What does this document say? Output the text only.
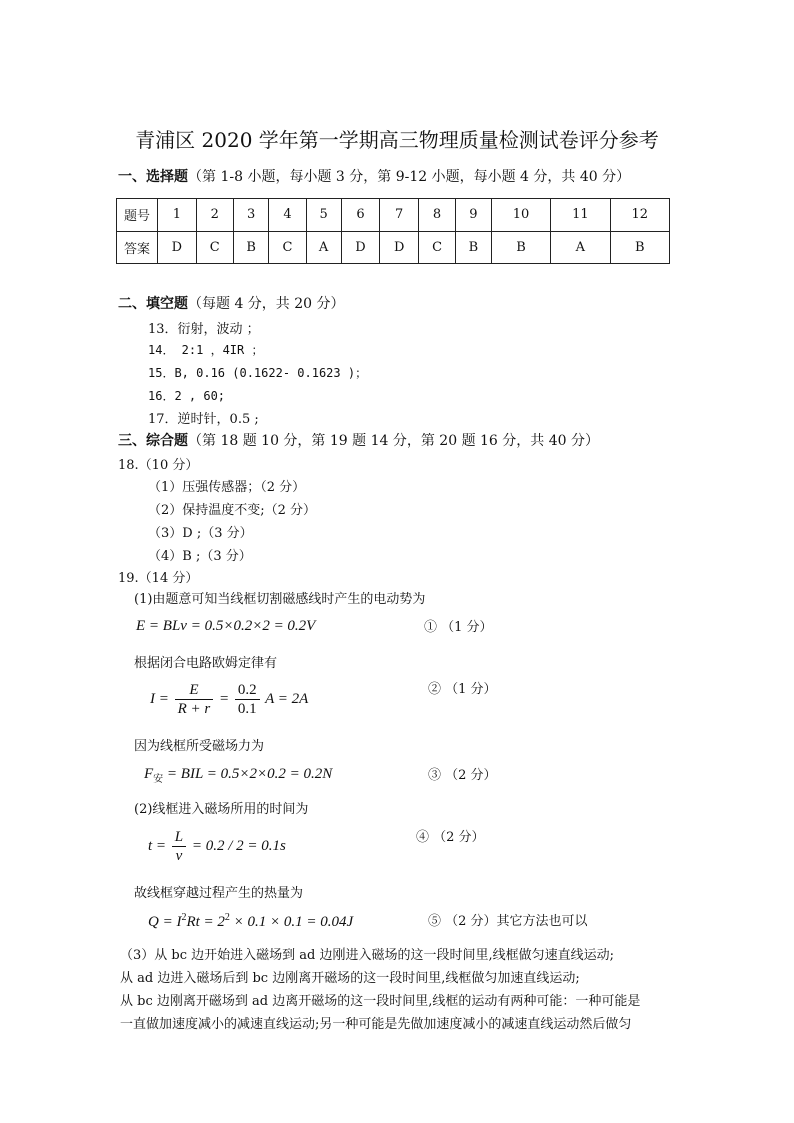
青浦区 2020 学年第一学期高三物理质量检测试卷评分参考
一、选择题（第 1-8 小题，每小题 3 分，第 9-12 小题，每小题 4 分，共 40 分）
题号	1	2	3	4	5	6	7	8	9	10	11	12
答案	D	C	B	C	A	D	D	C	B	B	A	B
二、填空题（每题 4 分，共 20 分）
13．衍射，波动 ；
14． 2:1 ，4IR ；
15．B, 0.16 (0.1622- 0.1623 )；
16．2 , 60;
17．逆时针，0.5 ;
三、综合题（第 18 题 10 分，第 19 题 14 分，第 20 题 16 分，共 40 分）
18.（10 分）
（1）压强传感器；（2 分）
（2）保持温度不变;（2 分）
（3）D ;（3 分）
（4）B ;（3 分）
19.（14 分）
(1)由题意可知当线框切割磁感线时产生的电动势为
E = BLv = 0.5×0.2×2 = 0.2V	① （1 分）
根据闭合电路欧姆定律有
$I = \frac{E}{R + r} = \frac{0.2}{0.1}$ A = 2A
② （1 分）
因为线框所受磁场力为
$F_安$ = BIL = 0.5×2×0.2 = 0.2N	③ （2 分）
(2)线框进入磁场所用的时间为
$t = \frac{L}{v} = 0.2 / 2 = 0.1s$
④ （2 分）
故线框穿越过程产生的热量为
$Q = I^2Rt = 2^2 \times 0.1 \times 0.1 = 0.04J$	⑤ （2 分）其它方法也可以
（3）从 bc 边开始进入磁场到 ad 边刚进入磁场的这一段时间里,线框做匀速直线运动;
从 ad 边进入磁场后到 bc 边刚离开磁场的这一段时间里,线框做匀加速直线运动;
从 bc 边刚离开磁场到 ad 边离开磁场的这一段时间里,线框的运动有两种可能：一种可能是
一直做加速度减小的减速直线运动;另一种可能是先做加速度减小的减速直线运动然后做匀
